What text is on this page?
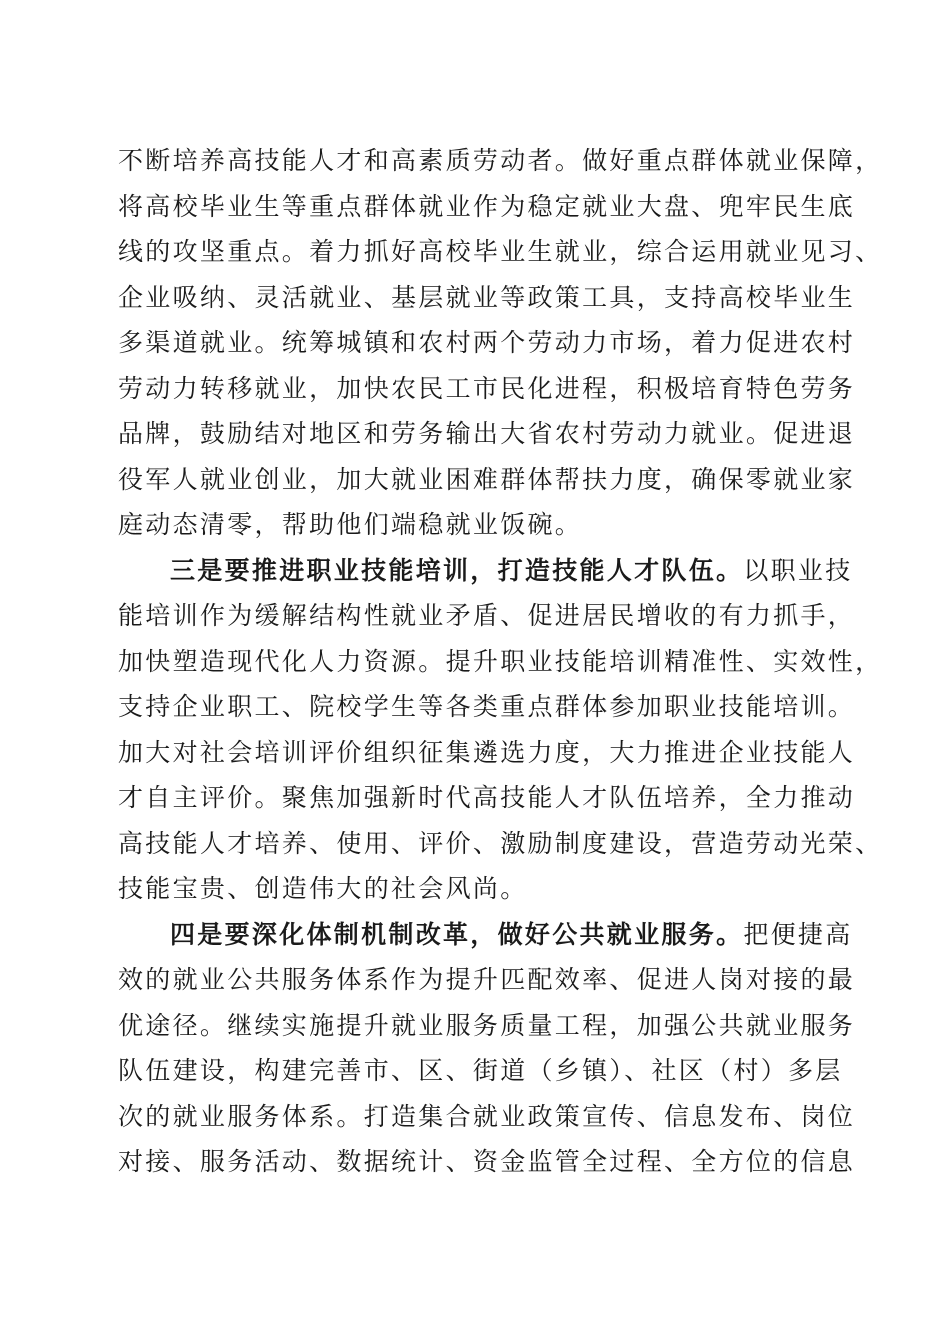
不断培养高技能人才和高素质劳动者。做好重点群体就业保障，
将高校毕业生等重点群体就业作为稳定就业大盘、兜牢民生底
线的攻坚重点。着力抓好高校毕业生就业，综合运用就业见习、
企业吸纳、灵活就业、基层就业等政策工具，支持高校毕业生
多渠道就业。统筹城镇和农村两个劳动力市场，着力促进农村
劳动力转移就业，加快农民工市民化进程，积极培育特色劳务
品牌，鼓励结对地区和劳务输出大省农村劳动力就业。促进退
役军人就业创业，加大就业困难群体帮扶力度，确保零就业家
庭动态清零，帮助他们端稳就业饭碗。
三是要推进职业技能培训，打造技能人才队伍。以职业技
能培训作为缓解结构性就业矛盾、促进居民增收的有力抓手，
加快塑造现代化人力资源。提升职业技能培训精准性、实效性，
支持企业职工、院校学生等各类重点群体参加职业技能培训。
加大对社会培训评价组织征集遴选力度，大力推进企业技能人
才自主评价。聚焦加强新时代高技能人才队伍培养，全力推动
高技能人才培养、使用、评价、激励制度建设，营造劳动光荣、
技能宝贵、创造伟大的社会风尚。
四是要深化体制机制改革，做好公共就业服务。把便捷高
效的就业公共服务体系作为提升匹配效率、促进人岗对接的最
优途径。继续实施提升就业服务质量工程，加强公共就业服务
队伍建设，构建完善市、区、街道（乡镇）、社区（村）多层
次的就业服务体系。打造集合就业政策宣传、信息发布、岗位
对接、服务活动、数据统计、资金监管全过程、全方位的信息
